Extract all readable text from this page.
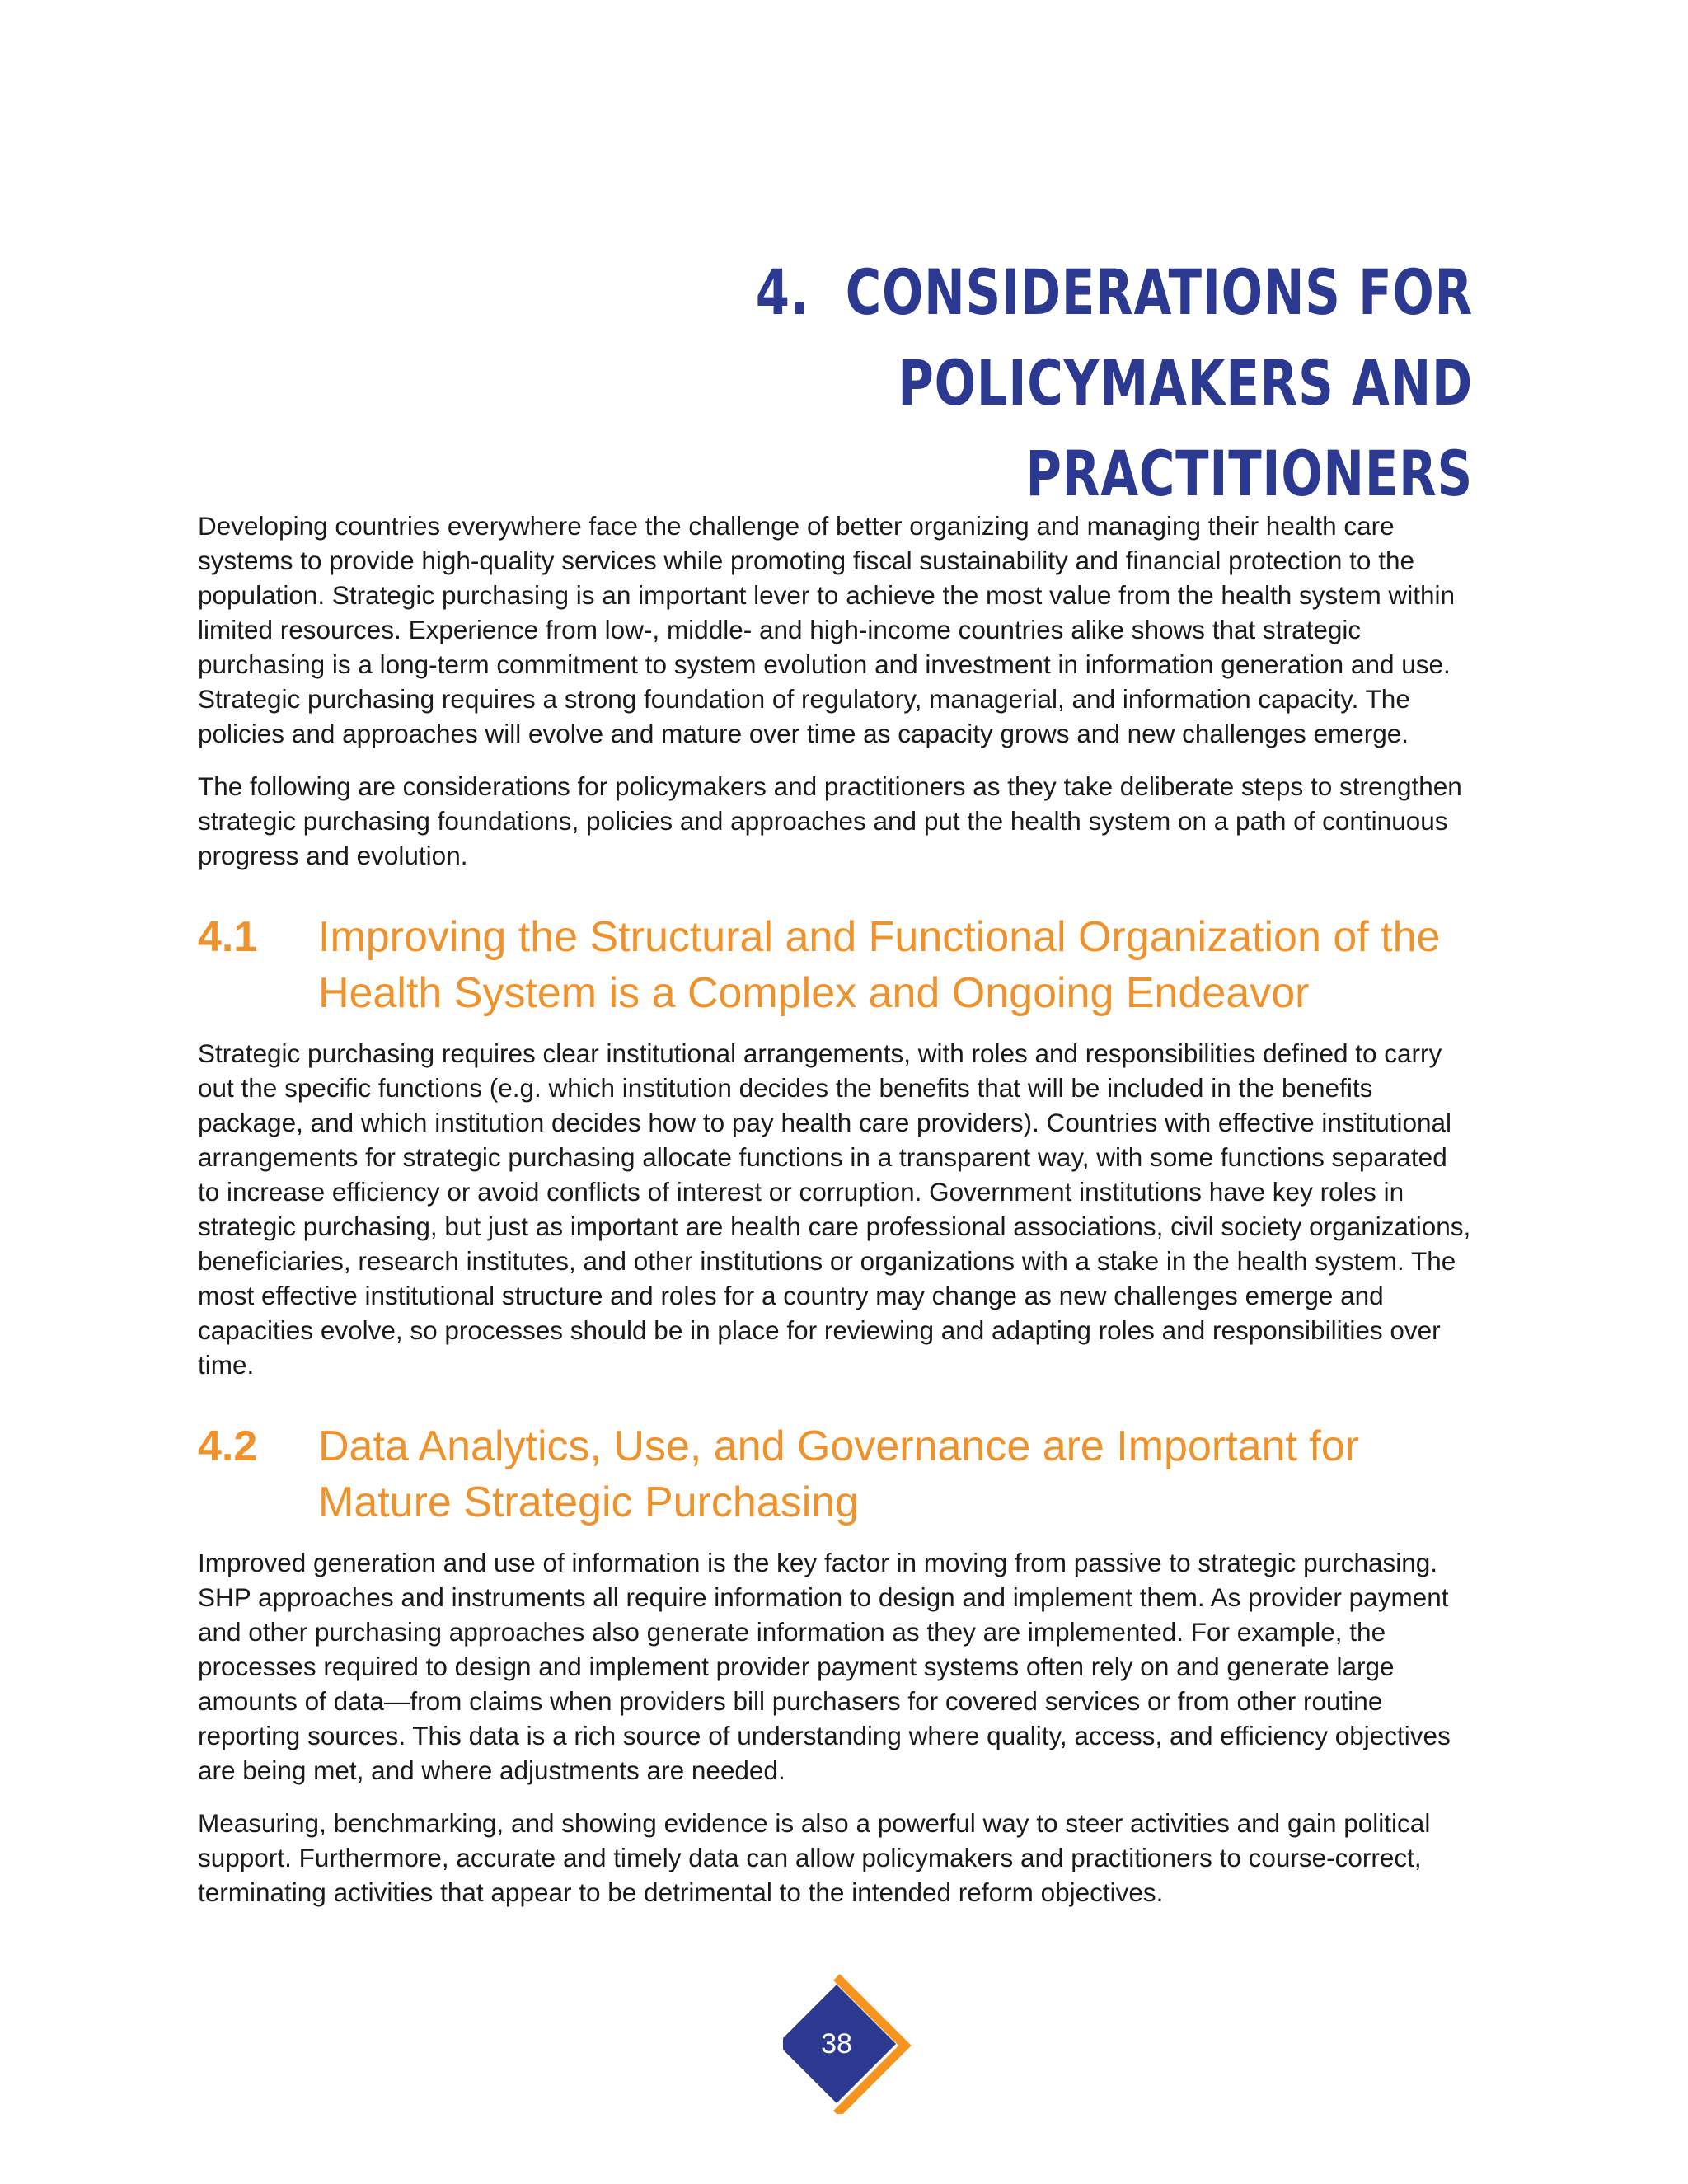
4. CONSIDERATIONS FOR POLICYMAKERS AND
PRACTITIONERS

Developing countries everywhere face the challenge of better organizing and managing their health care systems to provide high-quality services while promoting fiscal sustainability and financial protection to the population. Strategic purchasing is an important lever to achieve the most value from the health system within limited resources. Experience from low-, middle- and high-income countries alike shows that strategic purchasing is a long-term commitment to system evolution and investment in information generation and use. Strategic purchasing requires a strong foundation of regulatory, managerial, and information capacity. The policies and approaches will evolve and mature over time as capacity grows and new challenges emerge.

The following are considerations for policymakers and practitioners as they take deliberate steps to strengthen strategic purchasing foundations, policies and approaches and put the health system on a path of continuous progress and evolution.

4.1	Improving the Structural and Functional Organization of the Health System is a Complex and Ongoing Endeavor

Strategic purchasing requires clear institutional arrangements, with roles and responsibilities defined to carry out the specific functions (e.g. which institution decides the benefits that will be included in the benefits package, and which institution decides how to pay health care providers). Countries with effective institutional arrangements for strategic purchasing allocate functions in a transparent way, with some functions separated to increase efficiency or avoid conflicts of interest or corruption. Government institutions have key roles in strategic purchasing, but just as important are health care professional associations, civil society organizations, beneficiaries, research institutes, and other institutions or organizations with a stake in the health system. The most effective institutional structure and roles for a country may change as new challenges emerge and capacities evolve, so processes should be in place for reviewing and adapting roles and responsibilities over time.

4.2	Data Analytics, Use, and Governance are Important for Mature Strategic Purchasing

Improved generation and use of information is the key factor in moving from passive to strategic purchasing. SHP approaches and instruments all require information to design and implement them. As provider payment and other purchasing approaches also generate information as they are implemented. For example, the processes required to design and implement provider payment systems often rely on and generate large amounts of data—from claims when providers bill purchasers for covered services or from other routine reporting sources. This data is a rich source of understanding where quality, access, and efficiency objectives are being met, and where adjustments are needed.

Measuring, benchmarking, and showing evidence is also a powerful way to steer activities and gain political support. Furthermore, accurate and timely data can allow policymakers and practitioners to course-correct, terminating activities that appear to be detrimental to the intended reform objectives.

38
